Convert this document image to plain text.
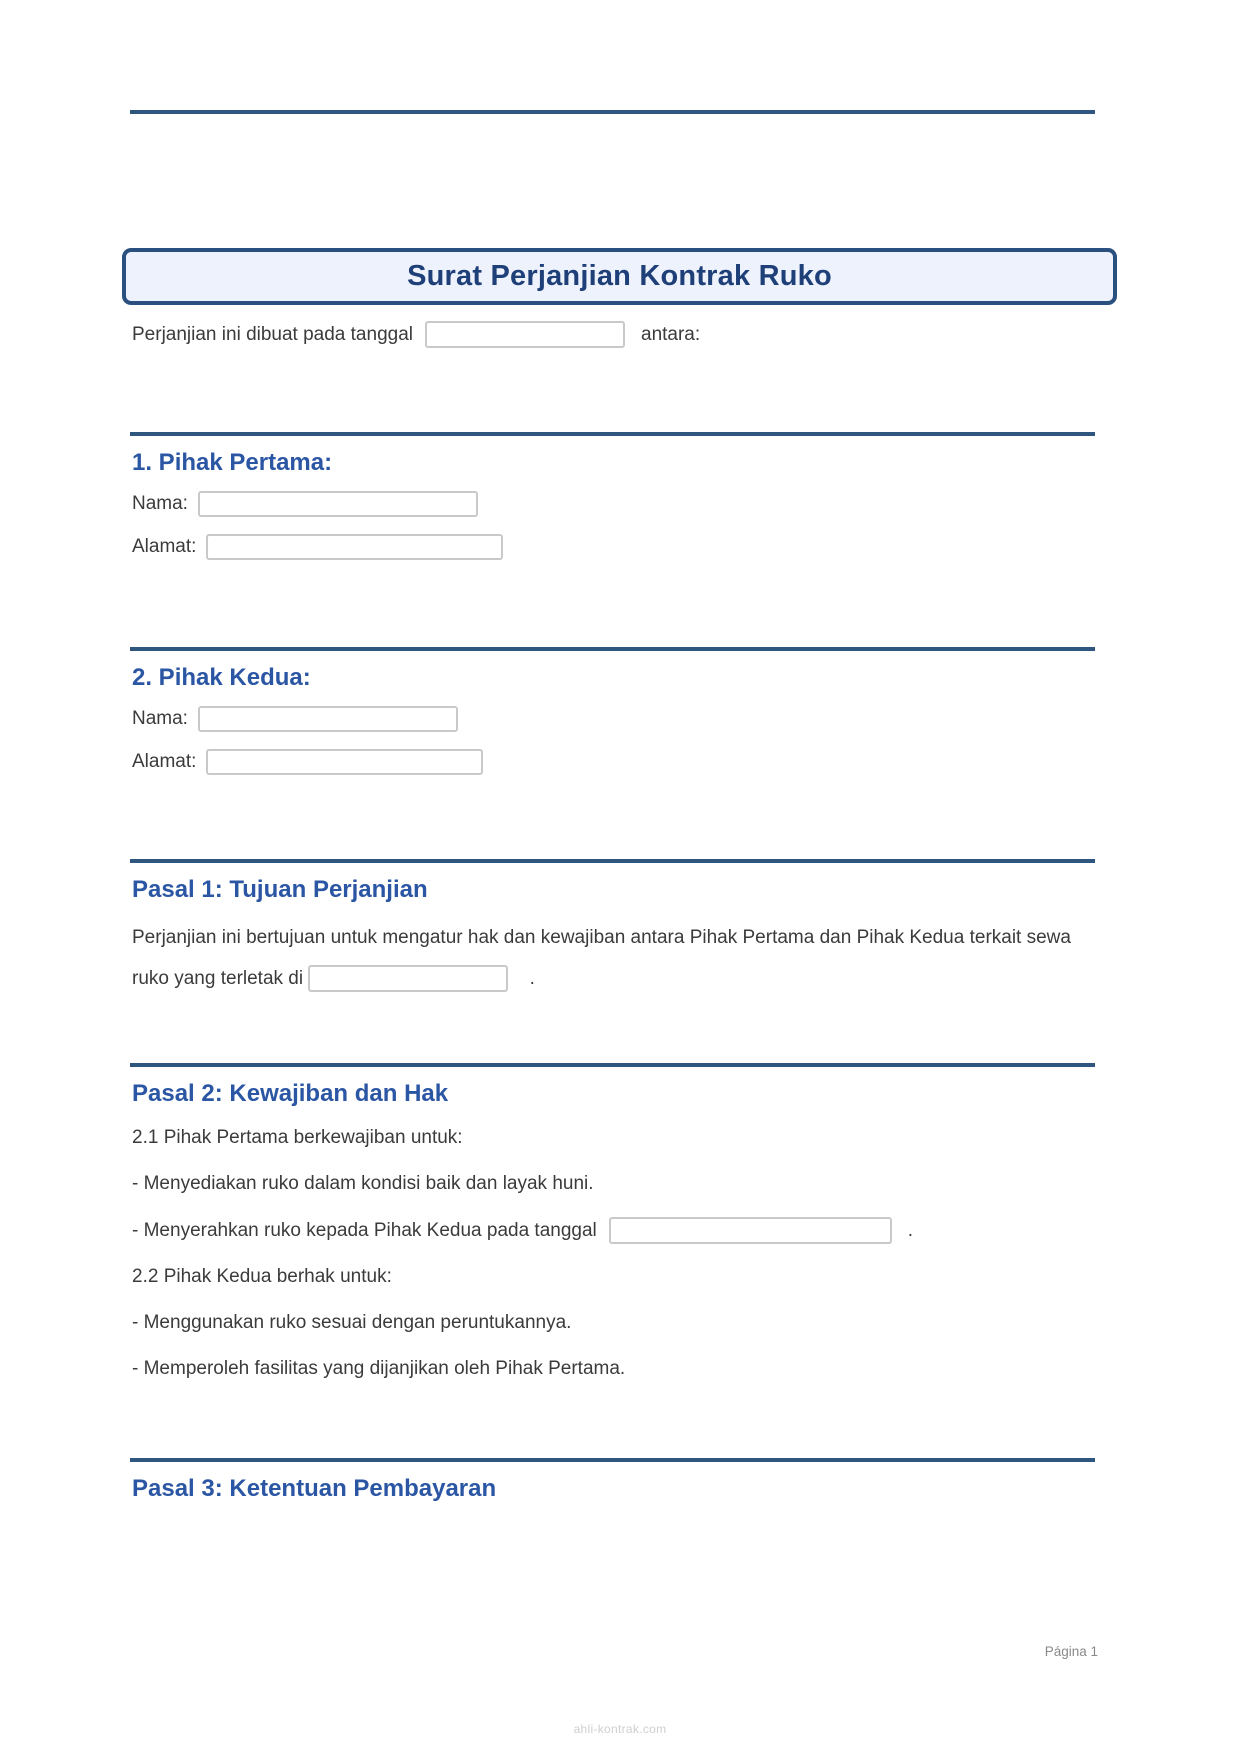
Surat Perjanjian Kontrak Ruko
Perjanjian ini dibuat pada tanggal	antara:
1. Pihak Pertama:
Nama:
Alamat:
2. Pihak Kedua:
Nama:
Alamat:
Pasal 1: Tujuan Perjanjian

Perjanjian ini bertujuan untuk mengatur hak dan kewajiban antara Pihak Pertama dan Pihak Kedua terkait sewa ruko yang terletak di	.

Pasal 2: Kewajiban dan Hak
2.1 Pihak Pertama berkewajiban untuk:
- Menyediakan ruko dalam kondisi baik dan layak huni.
- Menyerahkan ruko kepada Pihak Kedua pada tanggal	.
2.2 Pihak Kedua berhak untuk:
- Menggunakan ruko sesuai dengan peruntukannya.
- Memperoleh fasilitas yang dijanjikan oleh Pihak Pertama.
Pasal 3: Ketentuan Pembayaran
Página 1
ahli-kontrak.com
